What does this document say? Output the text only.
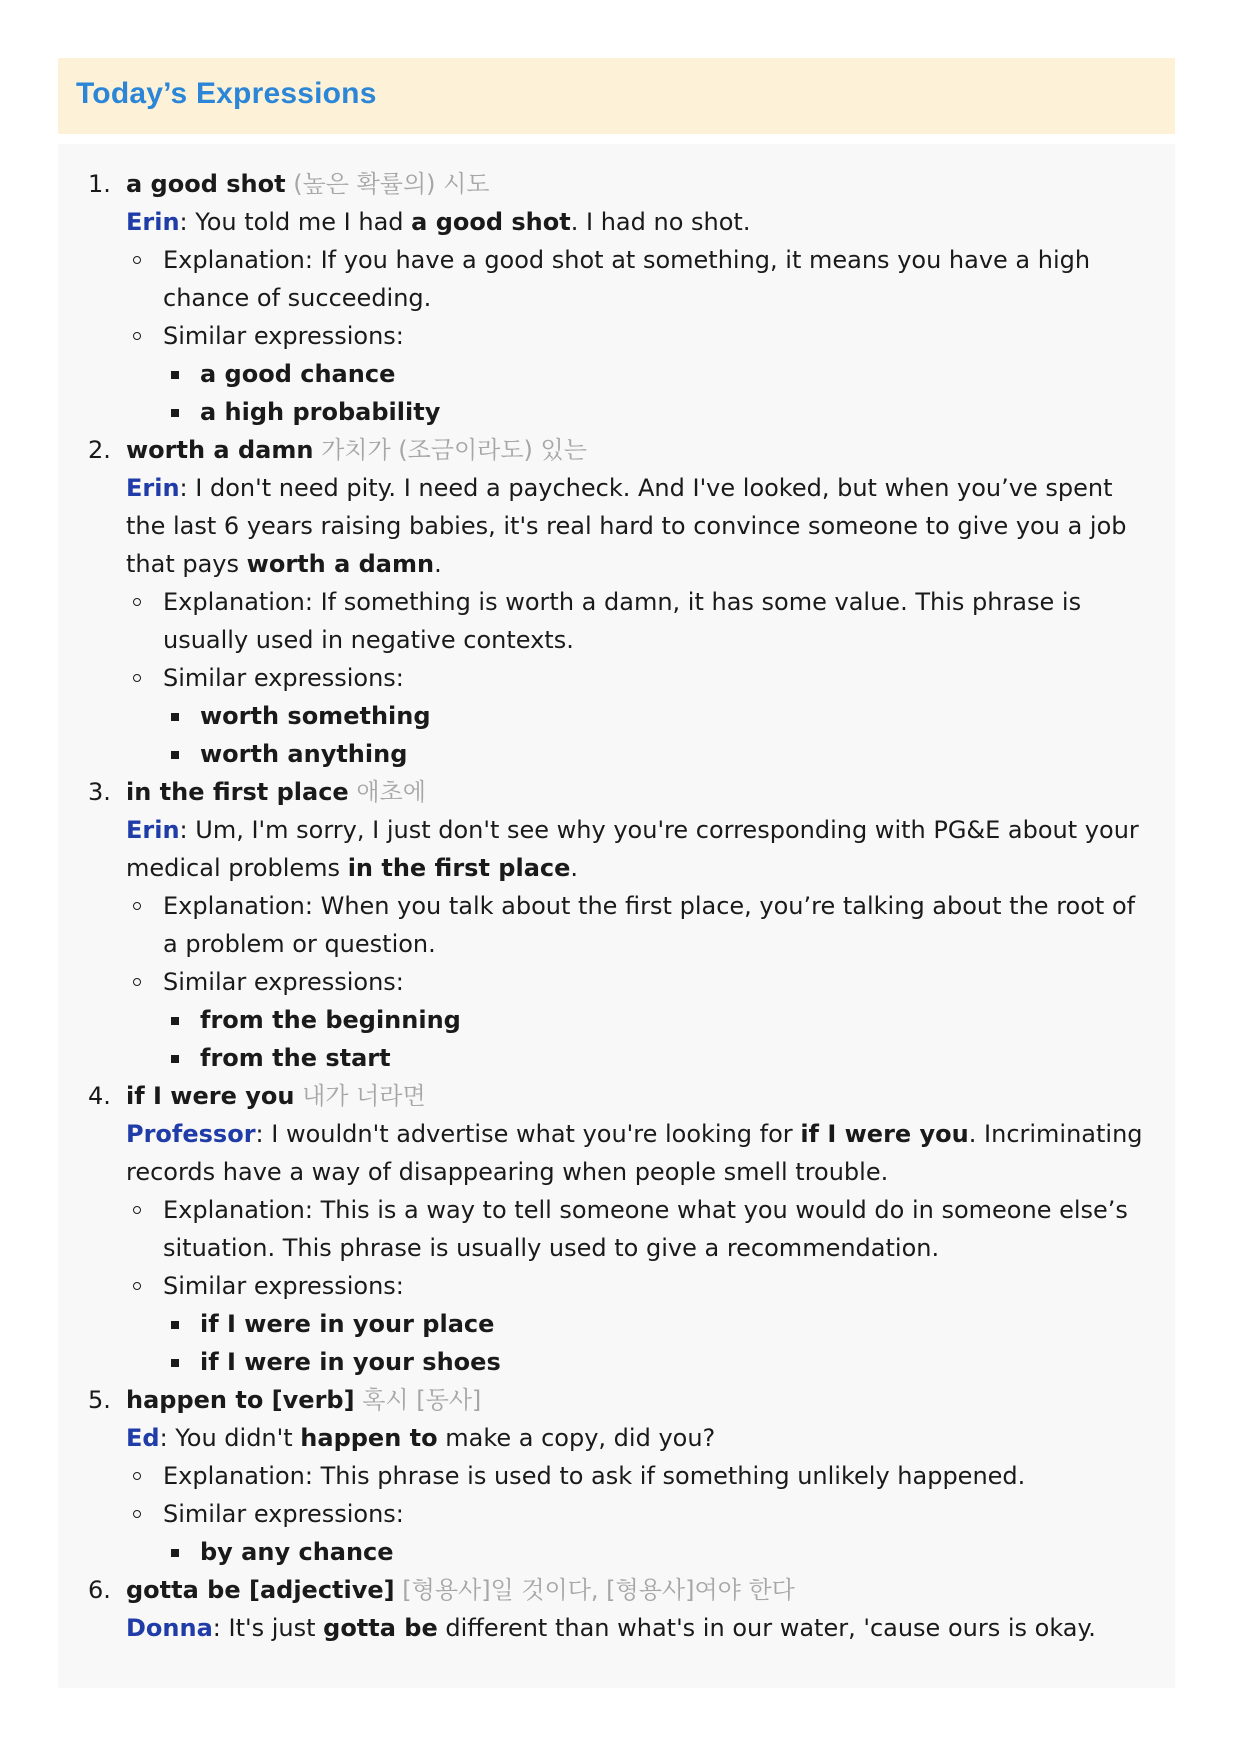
Today’s Expressions
1. a good shot (높은 확률의) 시도
Erin: You told me I had a good shot. I had no shot.
Explanation: If you have a good shot at something, it means you have a high chance of succeeding.
Similar expressions:
a good chance
a high probability
2. worth a damn 가치가 (조금이라도) 있는
Erin: I don't need pity. I need a paycheck. And I've looked, but when you’ve spent the last 6 years raising babies, it's real hard to convince someone to give you a job that pays worth a damn.
Explanation: If something is worth a damn, it has some value. This phrase is usually used in negative contexts.
Similar expressions:
worth something
worth anything
3. in the first place 애초에
Erin: Um, I'm sorry, I just don't see why you're corresponding with PG&E about your medical problems in the first place.
Explanation: When you talk about the first place, you’re talking about the root of a problem or question.
Similar expressions:
from the beginning
from the start
4. if I were you 내가 너라면
Professor: I wouldn't advertise what you're looking for if I were you. Incriminating records have a way of disappearing when people smell trouble.
Explanation: This is a way to tell someone what you would do in someone else’s situation. This phrase is usually used to give a recommendation.
Similar expressions:
if I were in your place
if I were in your shoes
5. happen to [verb] 혹시 [동사]
Ed: You didn't happen to make a copy, did you?
Explanation: This phrase is used to ask if something unlikely happened.
Similar expressions:
by any chance
6. gotta be [adjective] [형용사]일 것이다, [형용사]여야 한다
Donna: It's just gotta be different than what's in our water, 'cause ours is okay.
